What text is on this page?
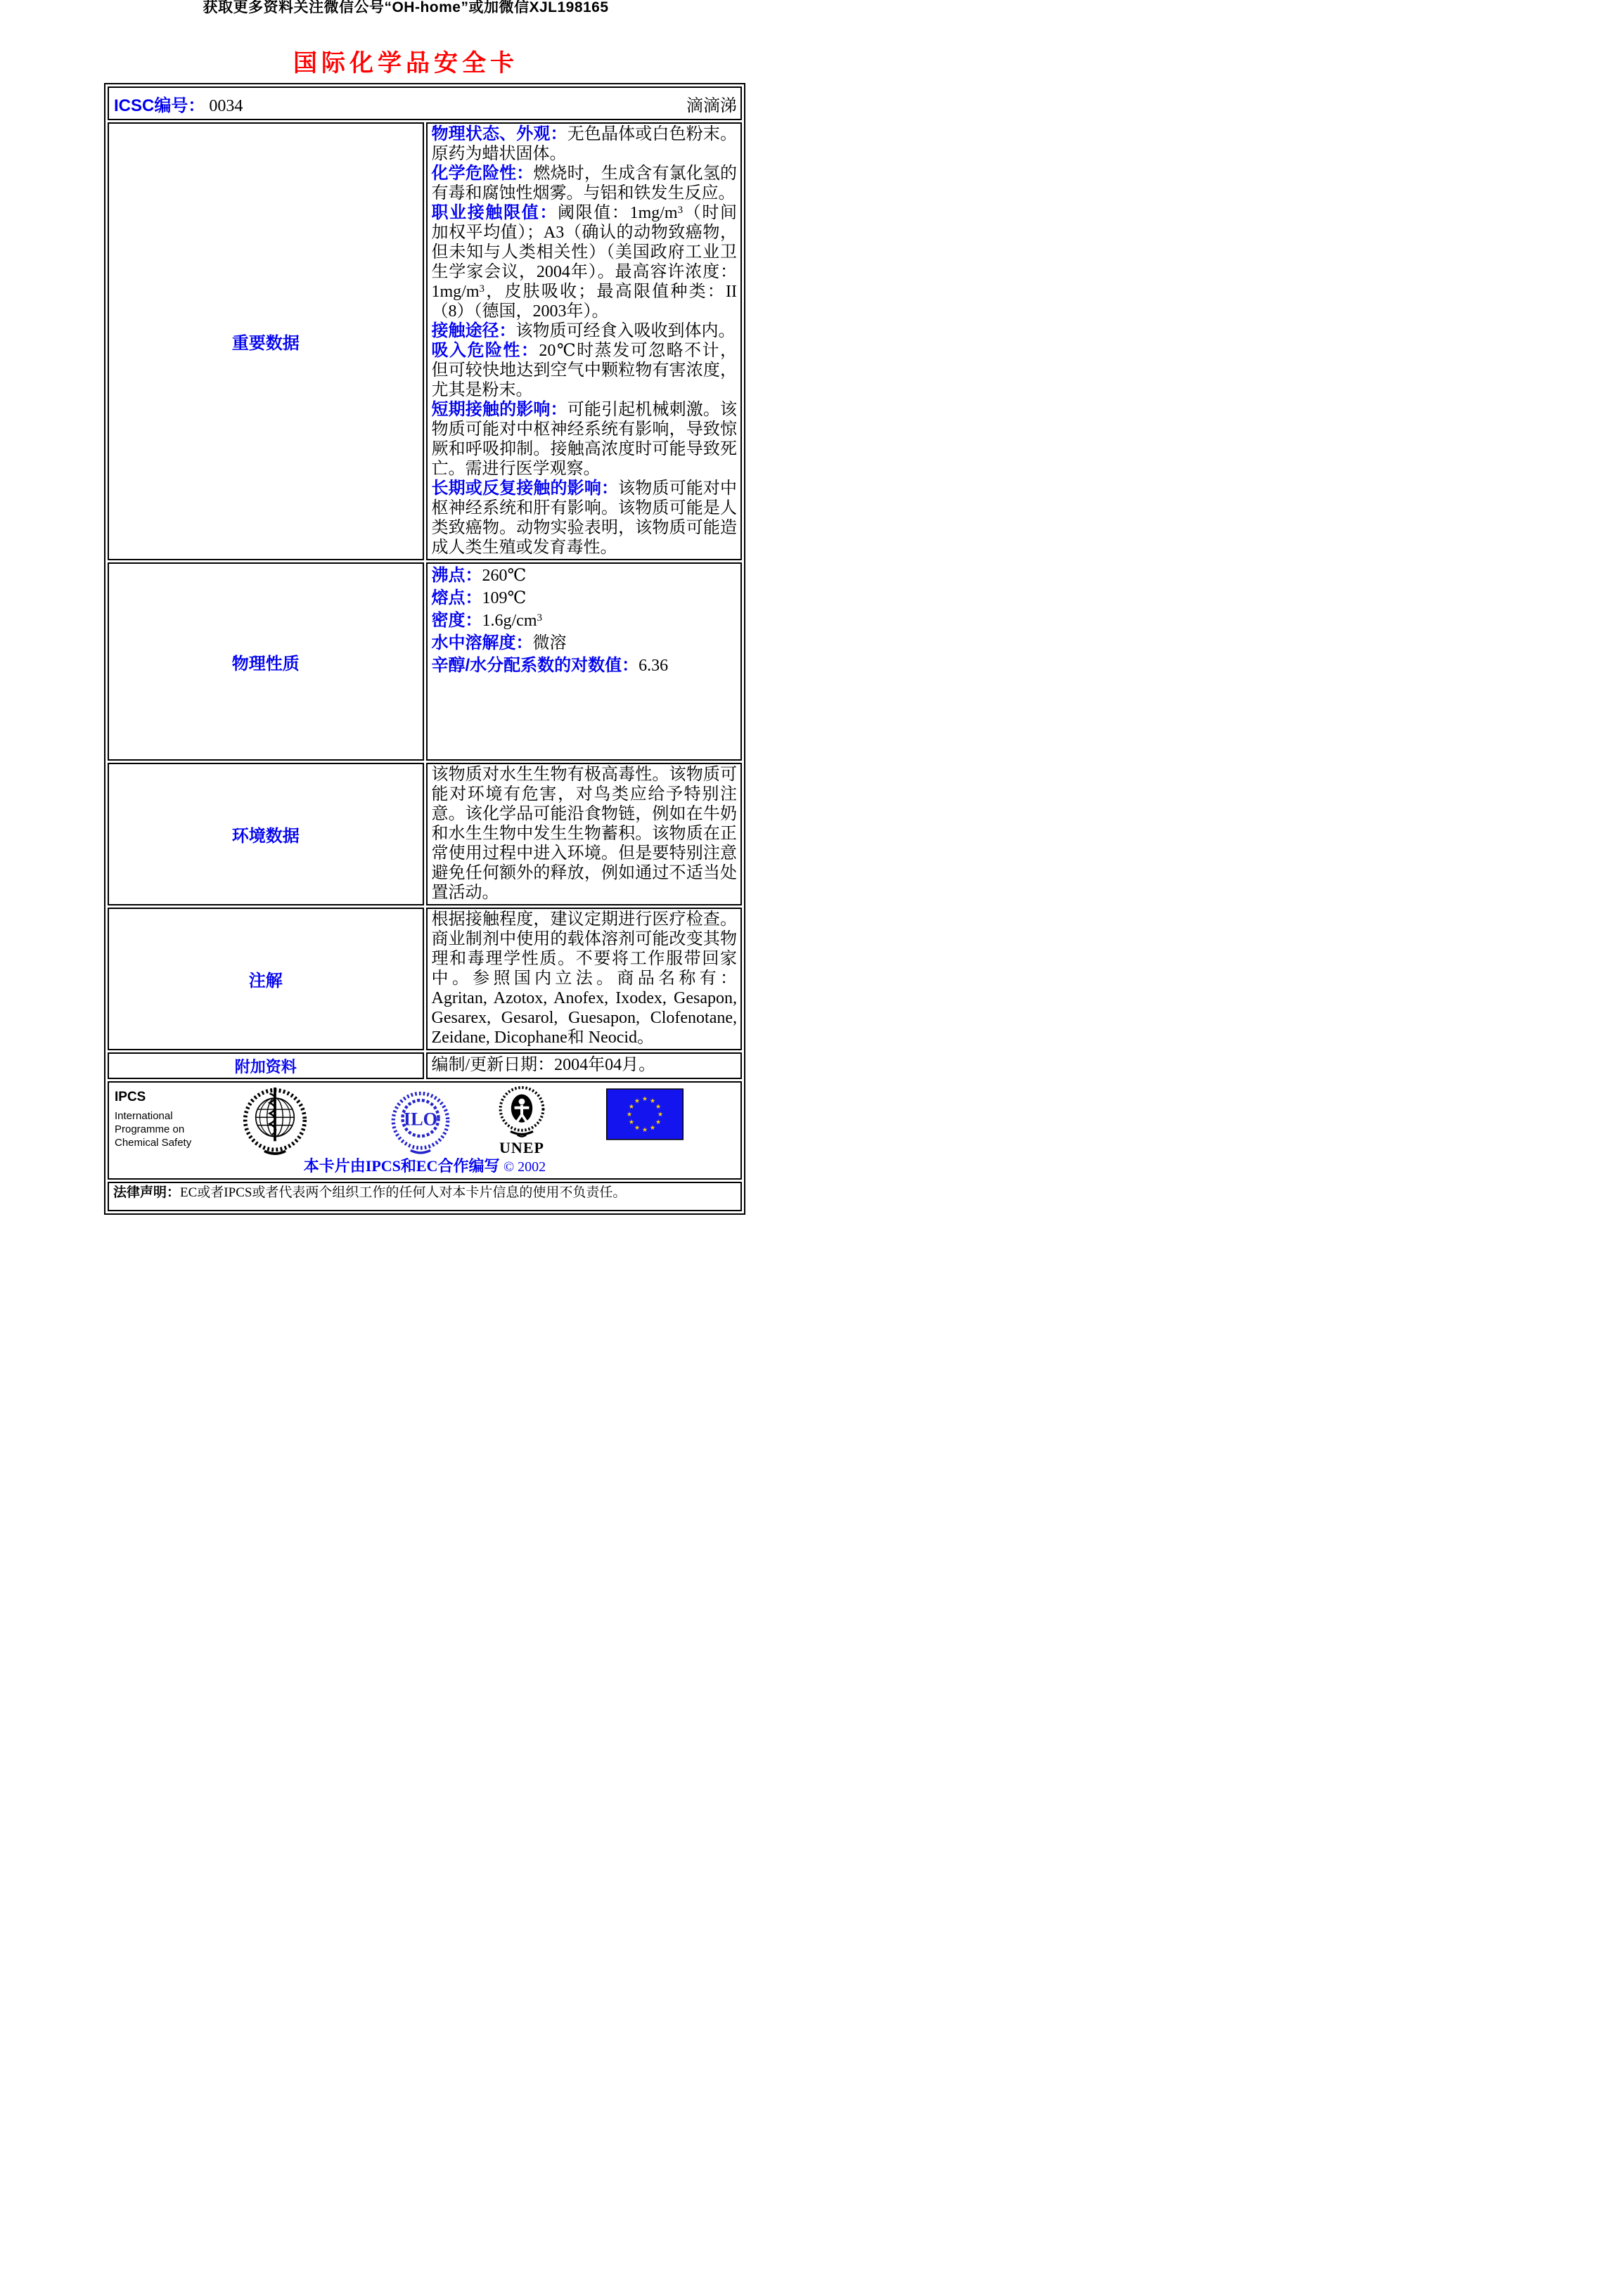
获取更多资料关注微信公号“OH-home”或加微信XJL198165
国际化学品安全卡
ICSC编号： 0034 滴滴涕	

重要数据	
物理状态、外观：无色晶体或白色粉末。原药为蜡状固体。
化学危险性：燃烧时，生成含有氯化氢的有毒和腐蚀性烟雾。与铝和铁发生反应。
职业接触限值：阈限值：$1mg/m^3$（时间加权平均值）；A3（确认的动物致癌物，但未知与人类相关性）（美国政府工业卫生学家会议，2004年）。最高容许浓度：$1mg/m^3$，皮肤吸收；最高限值种类：II（8）（德国，2003年）。
接触途径：该物质可经食入吸收到体内。
吸入危险性：20℃时蒸发可忽略不计，但可较快地达到空气中颗粒物有害浓度，尤其是粉末。
短期接触的影响：可能引起机械刺激。该物质可能对中枢神经系统有影响，导致惊厥和呼吸抑制。接触高浓度时可能导致死亡。需进行医学观察。
长期或反复接触的影响：该物质可能对中枢神经系统和肝有影响。该物质可能是人类致癌物。动物实验表明，该物质可能造成人类生殖或发育毒性。

物理性质	沸点：260℃
熔点：109℃
密度：$1.6g/cm^3$
水中溶解度：微溶
辛醇/水分配系数的对数值：6.36

环境数据	该物质对水生生物有极高毒性。该物质可能对环境有危害，对鸟类应给予特别注意。该化学品可能沿食物链，例如在牛奶和水生生物中发生生物蓄积。该物质在正常使用过程中进入环境。但是要特别注意避免任何额外的释放，例如通过不适当处置活动。

注解	根据接触程度，建议定期进行医疗检查。商业制剂中使用的载体溶剂可能改变其物理和毒理学性质。不要将工作服带回家中。参照国内立法。商品名称有：Agritan, Azotox, Anofex, Ixodex, Gesapon, Gesarex, Gesarol, Guesapon, Clofenotane, Zeidane, Dicophane和 Neocid。

附加资料	编制/更新日期：2004年04月。

IPCS
International
Programme on
Chemical Safety
ILO
UNEP
本卡片由IPCS和EC合作编写 © 2002

法律声明：EC或者IPCS或者代表两个组织工作的任何人对本卡片信息的使用不负责任。	
